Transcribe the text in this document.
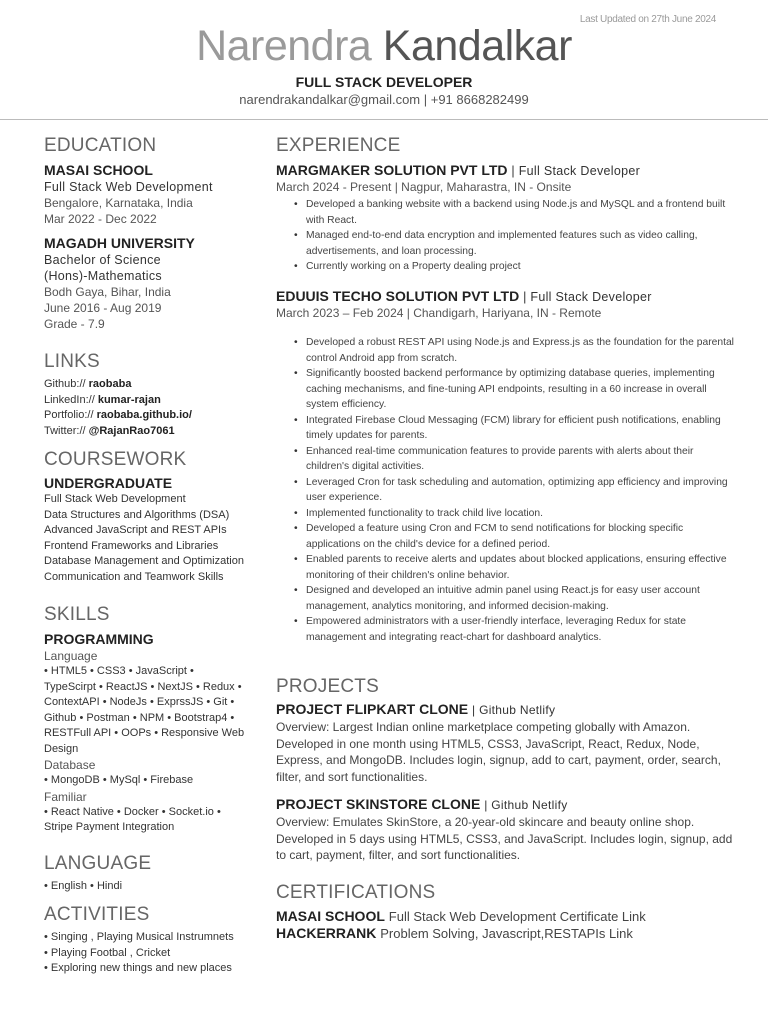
Last Updated on 27th June 2024
Narendra Kandalkar
FULL STACK DEVELOPER
narendrakandalkar@gmail.com | +91 8668282499
EDUCATION
MASAI SCHOOL
Full Stack Web Development
Bengalore, Karnataka, India
Mar 2022 - Dec 2022
MAGADH UNIVERSITY
Bachelor of Science
(Hons)-Mathematics
Bodh Gaya, Bihar, India
June 2016 - Aug 2019
Grade - 7.9
LINKS
Github:// raobaba
LinkedIn:// kumar-rajan
Portfolio:// raobaba.github.io/
Twitter:// @RajanRao7061
COURSEWORK
UNDERGRADUATE
Full Stack Web Development
Data Structures and Algorithms (DSA)
Advanced JavaScript and REST APIs
Frontend Frameworks and Libraries
Database Management and Optimization
Communication and Teamwork Skills
SKILLS
PROGRAMMING
Language
• HTML5 • CSS3 • JavaScript •
TypeScirpt • ReactJS • NextJS • Redux •
ContextAPI • NodeJs • ExprssJS • Git •
Github • Postman • NPM • Bootstrap4 •
RESTFull API • OOPs • Responsive Web
Design
Database
• MongoDB • MySql • Firebase
Familiar
• React Native • Docker • Socket.io •
Stripe Payment Integration
LANGUAGE
• English • Hindi
ACTIVITIES
• Singing , Playing Musical Instrumnets
• Playing Footbal , Cricket
• Exploring new things and new places
EXPERIENCE
MARGMAKER SOLUTION PVT LTD | Full Stack Developer
March 2024 - Present | Nagpur, Maharastra, IN - Onsite
• Developed a banking website with a backend using Node.js and MySQL and a frontend built with React.
• Managed end-to-end data encryption and implemented features such as video calling, advertisements, and loan processing.
• Currently working on a Property dealing project
EDUUIS TECHO SOLUTION PVT LTD | Full Stack Developer
March 2023 – Feb 2024 | Chandigarh, Hariyana, IN - Remote
• Developed a robust REST API using Node.js and Express.js as the foundation for the parental control Android app from scratch.
• Significantly boosted backend performance by optimizing database queries, implementing caching mechanisms, and fine-tuning API endpoints, resulting in a 60 increase in overall system efficiency.
• Integrated Firebase Cloud Messaging (FCM) library for efficient push notifications, enabling timely updates for parents.
• Enhanced real-time communication features to provide parents with alerts about their children's digital activities.
• Leveraged Cron for task scheduling and automation, optimizing app efficiency and improving user experience.
• Implemented functionality to track child live location.
• Developed a feature using Cron and FCM to send notifications for blocking specific applications on the child's device for a defined period.
• Enabled parents to receive alerts and updates about blocked applications, ensuring effective monitoring of their children's online behavior.
• Designed and developed an intuitive admin panel using React.js for easy user account management, analytics monitoring, and informed decision-making.
• Empowered administrators with a user-friendly interface, leveraging Redux for state management and integrating react-chart for dashboard analytics.
PROJECTS
PROJECT FLIPKART CLONE | Github Netlify
Overview: Largest Indian online marketplace competing globally with Amazon. Developed in one month using HTML5, CSS3, JavaScript, React, Redux, Node, Express, and MongoDB. Includes login, signup, add to cart, payment, order, search, filter, and sort functionalities.
PROJECT SKINSTORE CLONE | Github Netlify
Overview: Emulates SkinStore, a 20-year-old skincare and beauty online shop. Developed in 5 days using HTML5, CSS3, and JavaScript. Includes login, signup, add to cart, payment, filter, and sort functionalities.
CERTIFICATIONS
MASAI SCHOOL Full Stack Web Development Certificate Link
HACKERRANK Problem Solving, Javascript,RESTAPIs Link
